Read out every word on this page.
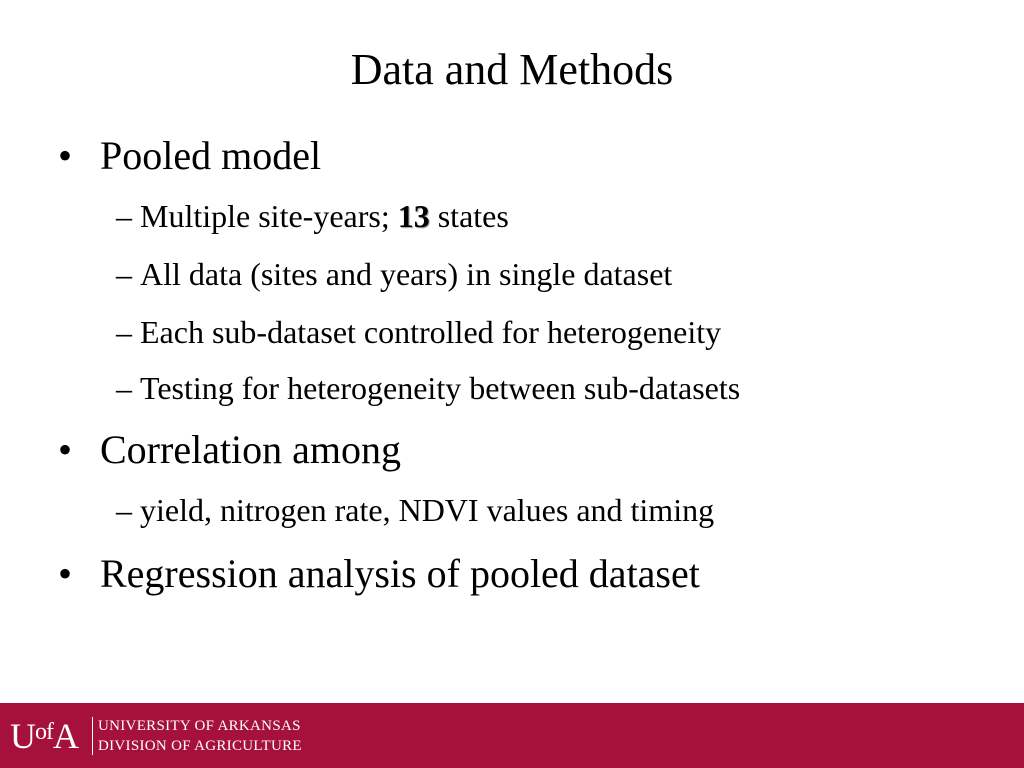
Data and Methods
• Pooled model
– Multiple site-years; 13 states
– All data (sites and years) in single dataset
– Each sub-dataset controlled for heterogeneity
– Testing for heterogeneity between sub-datasets
• Correlation among
– yield, nitrogen rate, NDVI values and timing
• Regression analysis of pooled dataset
$U^{of}A$	UNIVERSITY OF ARKANSAS
DIVISION OF AGRICULTURE
